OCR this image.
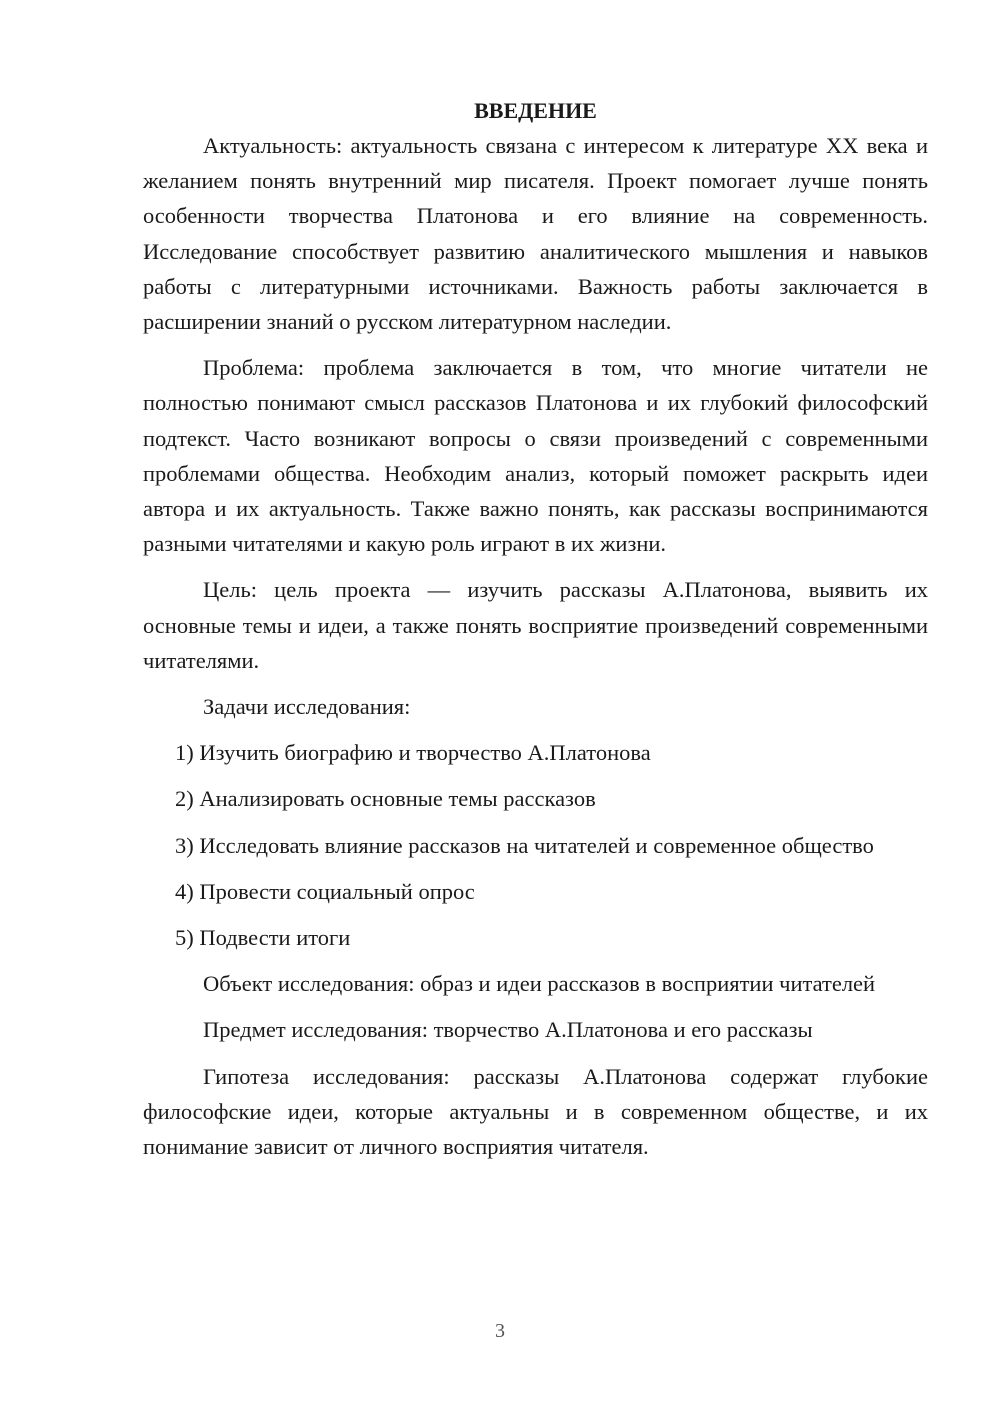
ВВЕДЕНИЕ

Актуальность: актуальность связана с интересом к литературе XX века и желанием понять внутренний мир писателя. Проект помогает лучше понять особенности творчества Платонова и его влияние на современность. Исследование способствует развитию аналитического мышления и навыков работы с литературными источниками. Важность работы заключается в расширении знаний о русском литературном наследии.

Проблема: проблема заключается в том, что многие читатели не полностью понимают смысл рассказов Платонова и их глубокий философский подтекст. Часто возникают вопросы о связи произведений с современными проблемами общества. Необходим анализ, который поможет раскрыть идеи автора и их актуальность. Также важно понять, как рассказы воспринимаются разными читателями и какую роль играют в их жизни.

Цель: цель проекта — изучить рассказы А.Платонова, выявить их основные темы и идеи, а также понять восприятие произведений современными читателями.

Задачи исследования:

1) Изучить биографию и творчество А.Платонова

2) Анализировать основные темы рассказов

3) Исследовать влияние рассказов на читателей и современное общество

4) Провести социальный опрос

5) Подвести итоги

Объект исследования: образ и идеи рассказов в восприятии читателей

Предмет исследования: творчество А.Платонова и его рассказы

Гипотеза исследования: рассказы А.Платонова содержат глубокие философские идеи, которые актуальны и в современном обществе, и их понимание зависит от личного восприятия читателя.

3
